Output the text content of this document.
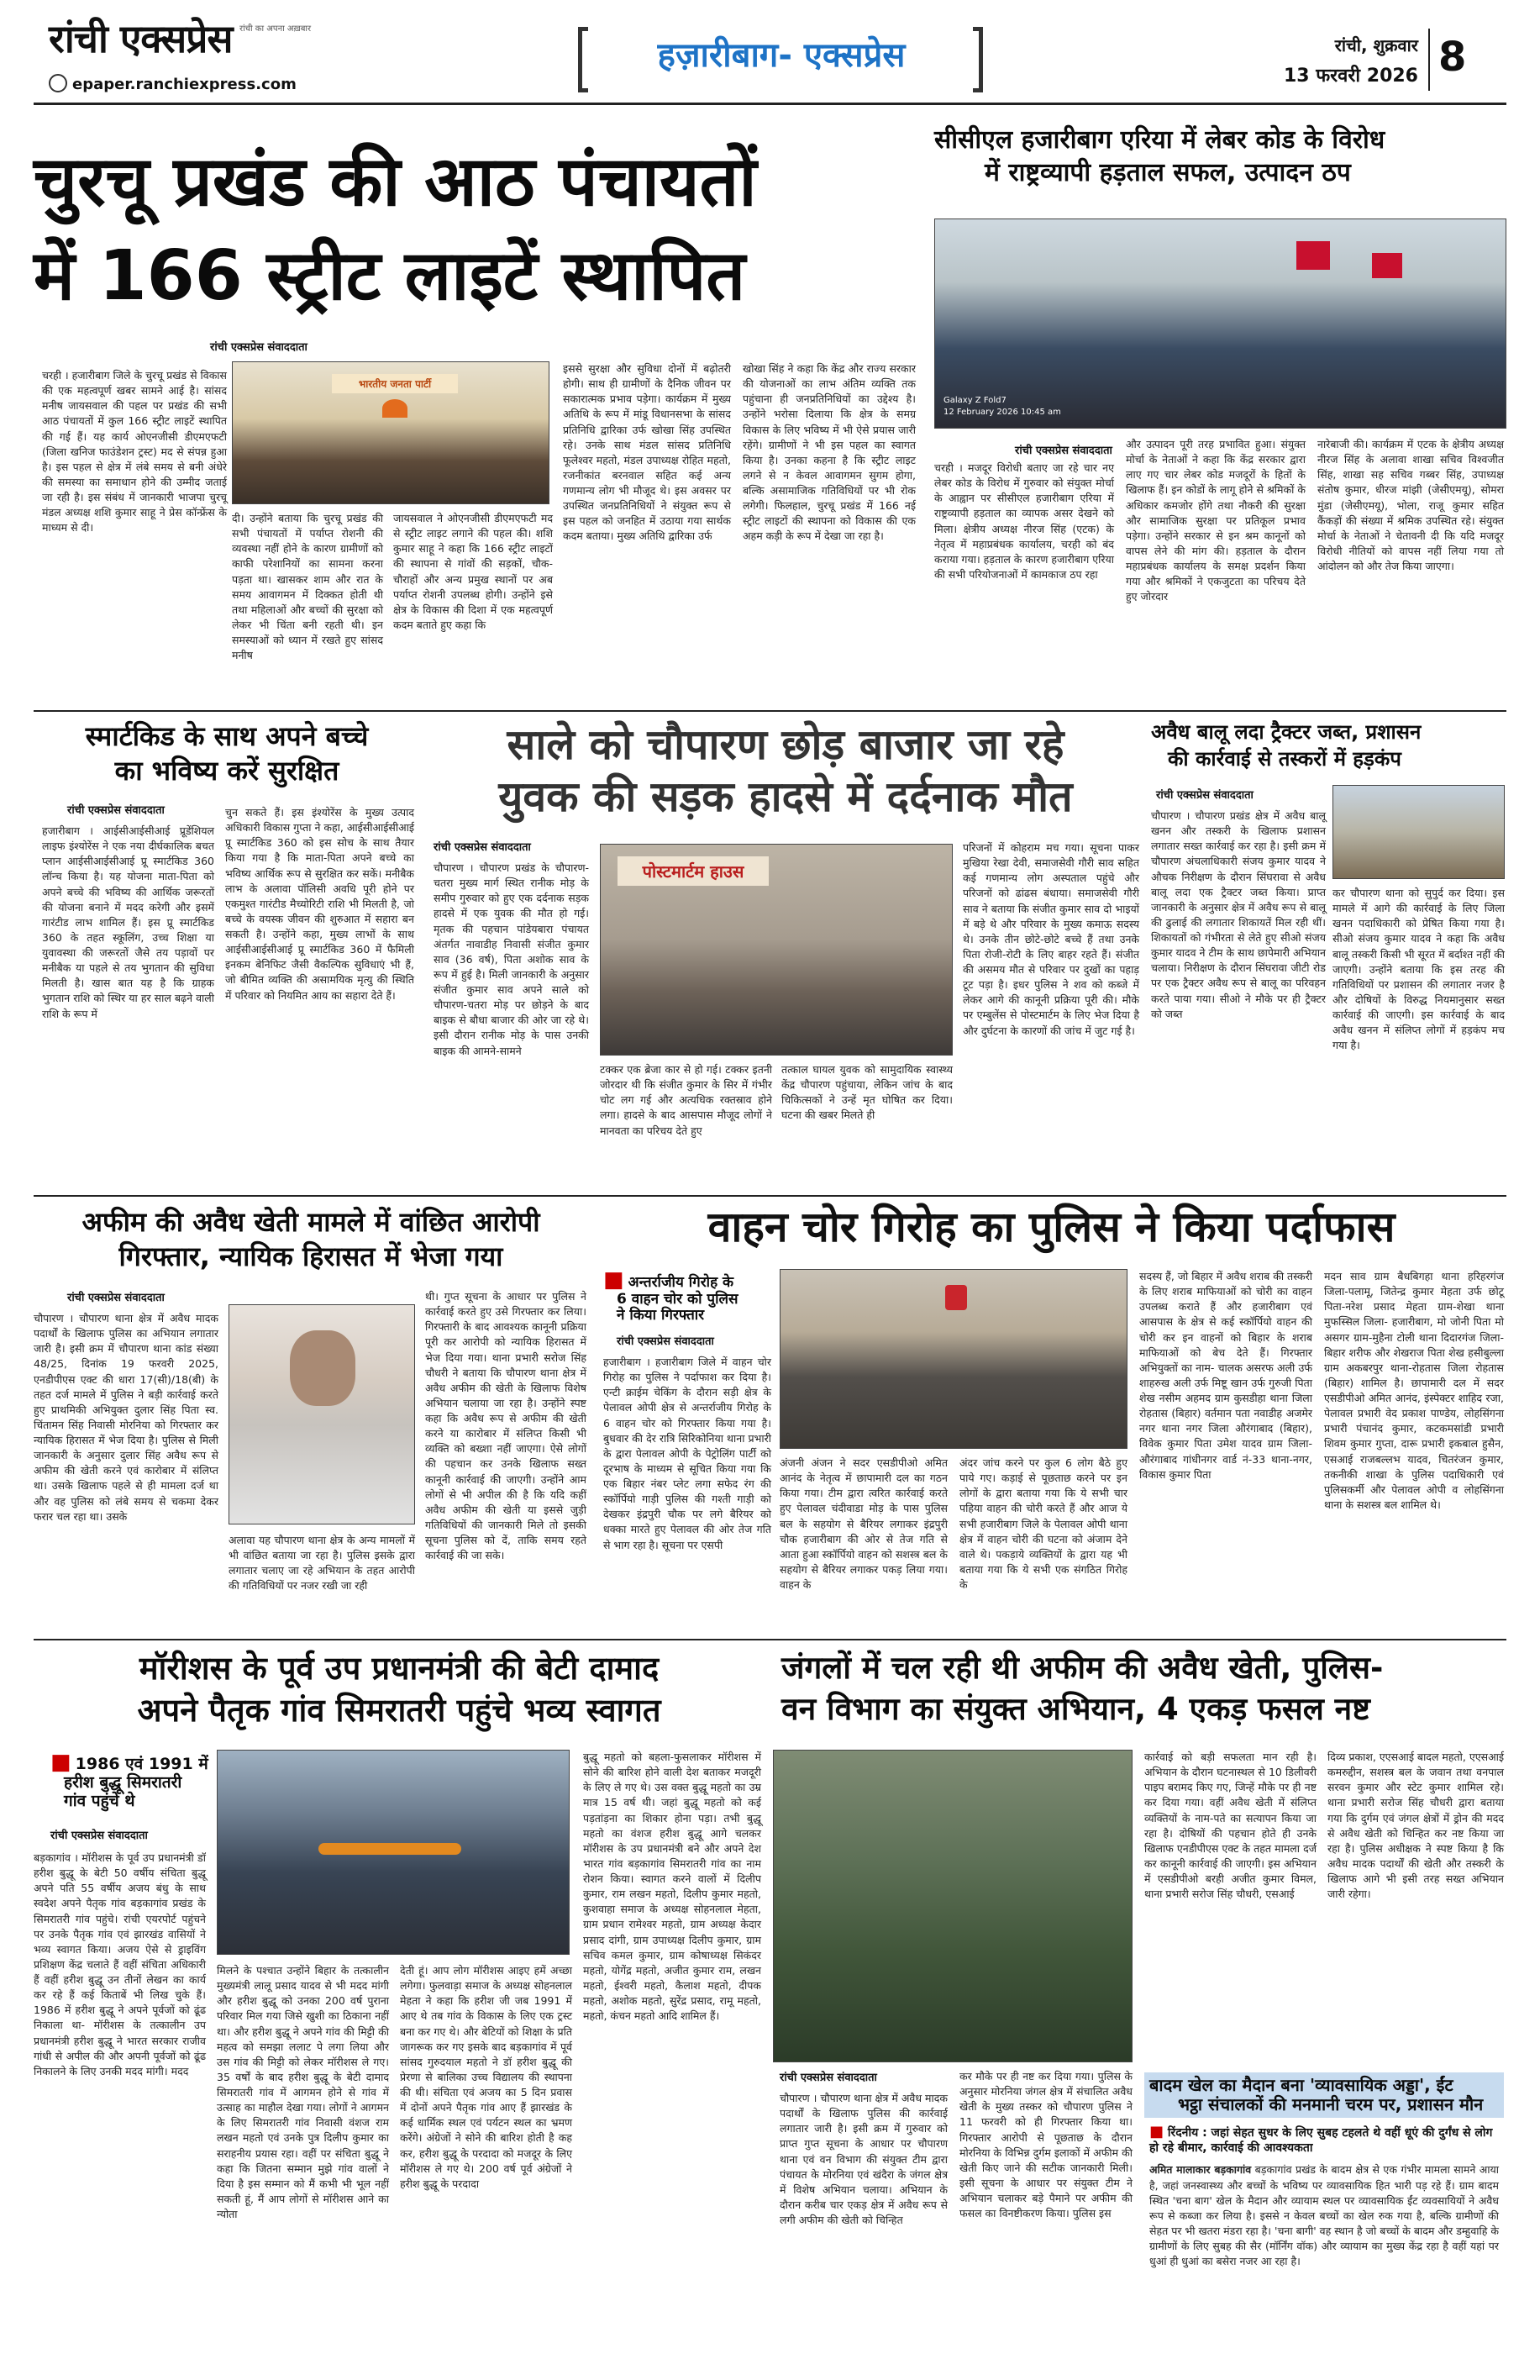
रांची एक्सप्रेस रांची का अपना अख़बार
epaper.ranchiexpress.com
हज़ारीबाग- एक्सप्रेस	रांची, शुक्रवार
13 फरवरी 2026 8
चुरचू प्रखंड की आठ पंचायतों
में 166 स्ट्रीट लाइटें स्थापित
रांची एक्सप्रेस संवाददाता
चरही । हजारीबाग जिले के चुरचू प्रखंड से विकास की एक महत्वपूर्ण खबर सामने आई है। सांसद मनीष जायसवाल की पहल पर प्रखंड की सभी आठ पंचायतों में कुल 166 स्ट्रीट लाइटें स्थापित की गई हैं। यह कार्य ओएनजीसी डीएमएफटी (जिला खनिज फाउंडेशन ट्रस्ट) मद से संपन्न हुआ है। इस पहल से क्षेत्र में लंबे समय से बनी अंधेरे की समस्या का समाधान होने की उम्मीद जताई जा रही है। इस संबंध में जानकारी भाजपा चुरचू मंडल अध्यक्ष शशि कुमार साहू ने प्रेस कॉन्फ्रेंस के माध्यम से दी।
भारतीय जनता पार्टी
दी। उन्होंने बताया कि चुरचू प्रखंड की सभी पंचायतों में पर्याप्त रोशनी की व्यवस्था नहीं होने के कारण ग्रामीणों को काफी परेशानियों का सामना करना पड़ता था। खासकर शाम और रात के समय आवागमन में दिक्कत होती थी तथा महिलाओं और बच्चों की सुरक्षा को लेकर भी चिंता बनी रहती थी। इन समस्याओं को ध्यान में रखते हुए सांसद मनीष
जायसवाल ने ओएनजीसी डीएमएफटी मद से स्ट्रीट लाइट लगाने की पहल की। शशि कुमार साहू ने कहा कि 166 स्ट्रीट लाइटों की स्थापना से गांवों की सड़कों, चौक-चौराहों और अन्य प्रमुख स्थानों पर अब पर्याप्त रोशनी उपलब्ध होगी। उन्होंने इसे क्षेत्र के विकास की दिशा में एक महत्वपूर्ण कदम बताते हुए कहा कि
इससे सुरक्षा और सुविधा दोनों में बढ़ोतरी होगी। साथ ही ग्रामीणों के दैनिक जीवन पर सकारात्मक प्रभाव पड़ेगा। कार्यक्रम में मुख्य अतिथि के रूप में मांडू विधानसभा के सांसद प्रतिनिधि द्वारिका उर्फ खोखा सिंह उपस्थित रहे। उनके साथ मंडल सांसद प्रतिनिधि फूलेश्वर महतो, मंडल उपाध्यक्ष रोहित महतो, रजनीकांत बरनवाल सहित कई अन्य गणमान्य लोग भी मौजूद थे। इस अवसर पर उपस्थित जनप्रतिनिधियों ने संयुक्त रूप से इस पहल को जनहित में उठाया गया सार्थक कदम बताया। मुख्य अतिथि द्वारिका उर्फ
खोखा सिंह ने कहा कि केंद्र और राज्य सरकार की योजनाओं का लाभ अंतिम व्यक्ति तक पहुंचाना ही जनप्रतिनिधियों का उद्देश्य है। उन्होंने भरोसा दिलाया कि क्षेत्र के समग्र विकास के लिए भविष्य में भी ऐसे प्रयास जारी रहेंगे। ग्रामीणों ने भी इस पहल का स्वागत किया है। उनका कहना है कि स्ट्रीट लाइट लगने से न केवल आवागमन सुगम होगा, बल्कि असामाजिक गतिविधियों पर भी रोक लगेगी। फिलहाल, चुरचू प्रखंड में 166 नई स्ट्रीट लाइटों की स्थापना को विकास की एक अहम कड़ी के रूप में देखा जा रहा है।
सीसीएल हजारीबाग एरिया में लेबर कोड के विरोध
में राष्ट्रव्यापी हड़ताल सफल, उत्पादन ठप
Galaxy Z Fold7
12 February 2026 10:45 am
रांची एक्सप्रेस संवाददाता
चरही । मजदूर विरोधी बताए जा रहे चार नए लेबर कोड के विरोध में गुरुवार को संयुक्त मोर्चा के आह्वान पर सीसीएल हजारीबाग एरिया में राष्ट्रव्यापी हड़ताल का व्यापक असर देखने को मिला। क्षेत्रीय अध्यक्ष नीरज सिंह (एटक) के नेतृत्व में महाप्रबंधक कार्यालय, चरही को बंद कराया गया। हड़ताल के कारण हजारीबाग एरिया की सभी परियोजनाओं में कामकाज ठप रहा
और उत्पादन पूरी तरह प्रभावित हुआ। संयुक्त मोर्चा के नेताओं ने कहा कि केंद्र सरकार द्वारा लाए गए चार लेबर कोड मजदूरों के हितों के खिलाफ हैं। इन कोडों के लागू होने से श्रमिकों के अधिकार कमजोर होंगे तथा नौकरी की सुरक्षा और सामाजिक सुरक्षा पर प्रतिकूल प्रभाव पड़ेगा। उन्होंने सरकार से इन श्रम कानूनों को वापस लेने की मांग की। हड़ताल के दौरान महाप्रबंधक कार्यालय के समक्ष प्रदर्शन किया गया और श्रमिकों ने एकजुटता का परिचय देते हुए जोरदार
नारेबाजी की। कार्यक्रम में एटक के क्षेत्रीय अध्यक्ष नीरज सिंह के अलावा शाखा सचिव विश्वजीत सिंह, शाखा सह सचिव गब्बर सिंह, उपाध्यक्ष संतोष कुमार, धीरज मांझी (जेसीएमयू), सोमरा मुंडा (जेसीएमयू), भोला, राजू कुमार सहित कैंकड़ों की संख्या में श्रमिक उपस्थित रहे। संयुक्त मोर्चा के नेताओं ने चेतावनी दी कि यदि मजदूर विरोधी नीतियों को वापस नहीं लिया गया तो आंदोलन को और तेज किया जाएगा।
स्मार्टकिड के साथ अपने बच्चे
का भविष्य करें सुरक्षित
रांची एक्सप्रेस संवाददाता
हजारीबाग । आईसीआईसीआई प्रूडेंशियल लाइफ इंश्योरेंस ने एक नया दीर्घकालिक बचत प्लान आईसीआईसीआई प्रू स्मार्टकिड 360 लॉन्च किया है। यह योजना माता-पिता को अपने बच्चे की भविष्य की आर्थिक जरूरतों की योजना बनाने में मदद करेगी और इसमें गारंटीड लाभ शामिल हैं। इस प्रू स्मार्टकिड 360 के तहत स्कूलिंग, उच्च शिक्षा या युवावस्था की जरूरतों जैसे तय पड़ावों पर मनीबैक या पहले से तय भुगतान की सुविधा मिलती है। खास बात यह है कि ग्राहक भुगतान राशि को स्थिर या हर साल बढ़ने वाली राशि के रूप में
चुन सकते हैं। इस इंश्योरेंस के मुख्य उत्पाद अधिकारी विकास गुप्ता ने कहा, आईसीआईसीआई प्रू स्मार्टकिड 360 को इस सोच के साथ तैयार किया गया है कि माता-पिता अपने बच्चे का भविष्य आर्थिक रूप से सुरक्षित कर सकें। मनीबैक लाभ के अलावा पॉलिसी अवधि पूरी होने पर एकमुश्त गारंटीड मैच्योरिटी राशि भी मिलती है, जो बच्चे के वयस्क जीवन की शुरुआत में सहारा बन सकती है। उन्होंने कहा, मुख्य लाभों के साथ आईसीआईसीआई प्रू स्मार्टकिड 360 में फैमिली इनकम बेनिफिट जैसी वैकल्पिक सुविधाएं भी हैं, जो बीमित व्यक्ति की असामयिक मृत्यु की स्थिति में परिवार को नियमित आय का सहारा देते हैं।
साले को चौपारण छोड़ बाजार जा रहे
युवक की सड़क हादसे में दर्दनाक मौत
रांची एक्सप्रेस संवाददाता
चौपारण । चौपारण प्रखंड के चौपारण-चतरा मुख्य मार्ग स्थित रानीक मोड़ के समीप गुरुवार को हुए एक दर्दनाक सड़क हादसे में एक युवक की मौत हो गई। मृतक की पहचान पांडेयबारा पंचायत अंतर्गत नावाडीह निवासी संजीत कुमार साव (36 वर्ष), पिता अशोक साव के रूप में हुई है। मिली जानकारी के अनुसार संजीत कुमार साव अपने साले को चौपारण-चतरा मोड़ पर छोड़ने के बाद बाइक से बौधा बाजार की ओर जा रहे थे। इसी दौरान रानीक मोड़ के पास उनकी बाइक की आमने-सामने
पोस्टमार्टम हाउस
टक्कर एक ब्रेजा कार से हो गई। टक्कर इतनी जोरदार थी कि संजीत कुमार के सिर में गंभीर चोट लग गई और अत्यधिक रक्तस्राव होने लगा। हादसे के बाद आसपास मौजूद लोगों ने मानवता का परिचय देते हुए
तत्काल घायल युवक को सामुदायिक स्वास्थ्य केंद्र चौपारण पहुंचाया, लेकिन जांच के बाद चिकित्सकों ने उन्हें मृत घोषित कर दिया। घटना की खबर मिलते ही
परिजनों में कोहराम मच गया। सूचना पाकर मुखिया रेखा देवी, समाजसेवी गौरी साव सहित कई गणमान्य लोग अस्पताल पहुंचे और परिजनों को ढांढस बंधाया। समाजसेवी गौरी साव ने बताया कि संजीत कुमार साव दो भाइयों में बड़े थे और परिवार के मुख्य कमाऊ सदस्य थे। उनके तीन छोटे-छोटे बच्चे हैं तथा उनके पिता रोजी-रोटी के लिए बाहर रहते हैं। संजीत की असमय मौत से परिवार पर दुखों का पहाड़ टूट पड़ा है। इधर पुलिस ने शव को कब्जे में लेकर आगे की कानूनी प्रक्रिया पूरी की। मौके पर एम्बुलेंस से पोस्टमार्टम के लिए भेज दिया है और दुर्घटना के कारणों की जांच में जुट गई है।
अवैध बालू लदा ट्रैक्टर जब्त, प्रशासन
की कार्रवाई से तस्करों में हड़कंप
रांची एक्सप्रेस संवाददाता
चौपारण । चौपारण प्रखंड क्षेत्र में अवैध बालू खनन और तस्करी के खिलाफ प्रशासन लगातार सख्त कार्रवाई कर रहा है। इसी क्रम में चौपारण अंचलाधिकारी संजय कुमार यादव ने औचक निरीक्षण के दौरान सिंघरावा से अवैध बालू लदा एक ट्रैक्टर जब्त किया। प्राप्त जानकारी के अनुसार क्षेत्र में अवैध रूप से बालू की ढुलाई की लगातार शिकायतें मिल रही थीं। शिकायतों को गंभीरता से लेते हुए सीओ संजय कुमार यादव ने टीम के साथ छापेमारी अभियान चलाया। निरीक्षण के दौरान सिंघरावा जीटी रोड पर एक ट्रैक्टर अवैध रूप से बालू का परिवहन करते पाया गया। सीओ ने मौके पर ही ट्रैक्टर को जब्त
कर चौपारण थाना को सुपुर्द कर दिया। इस मामले में आगे की कार्रवाई के लिए जिला खनन पदाधिकारी को प्रेषित किया गया है। सीओ संजय कुमार यादव ने कहा कि अवैध बालू तस्करी किसी भी सूरत में बर्दाश्त नहीं की जाएगी। उन्होंने बताया कि इस तरह की गतिविधियों पर प्रशासन की लगातार नजर है और दोषियों के विरुद्ध नियमानुसार सख्त कार्रवाई की जाएगी। इस कार्रवाई के बाद अवैध खनन में संलिप्त लोगों में हड़कंप मच गया है।
अफीम की अवैध खेती मामले में वांछित आरोपी
गिरफ्तार, न्यायिक हिरासत में भेजा गया
रांची एक्सप्रेस संवाददाता
चौपारण । चौपारण थाना क्षेत्र में अवैध मादक पदार्थों के खिलाफ पुलिस का अभियान लगातार जारी है। इसी क्रम में चौपारण थाना कांड संख्या 48/25, दिनांक 19 फरवरी 2025, एनडीपीएस एक्ट की धारा 17(सी)/18(बी) के तहत दर्ज मामले में पुलिस ने बड़ी कार्रवाई करते हुए प्राथमिकी अभियुक्त दुलार सिंह पिता स्व. चिंतामन सिंह निवासी मोरनिया को गिरफ्तार कर न्यायिक हिरासत में भेज दिया है। पुलिस से मिली जानकारी के अनुसार दुलार सिंह अवैध रूप से अफीम की खेती करने एवं कारोबार में संलिप्त था। उसके खिलाफ पहले से ही मामला दर्ज था और वह पुलिस को लंबे समय से चकमा देकर फरार चल रहा था। उसके
अलावा यह चौपारण थाना क्षेत्र के अन्य मामलों में भी वांछित बताया जा रहा है। पुलिस इसके द्वारा लगातार चलाए जा रहे अभियान के तहत आरोपी की गतिविधियों पर नजर रखी जा रही
थी। गुप्त सूचना के आधार पर पुलिस ने कार्रवाई करते हुए उसे गिरफ्तार कर लिया। गिरफ्तारी के बाद आवश्यक कानूनी प्रक्रिया पूरी कर आरोपी को न्यायिक हिरासत में भेज दिया गया। थाना प्रभारी सरोज सिंह चौधरी ने बताया कि चौपारण थाना क्षेत्र में अवैध अफीम की खेती के खिलाफ विशेष अभियान चलाया जा रहा है। उन्होंने स्पष्ट कहा कि अवैध रूप से अफीम की खेती करने या कारोबार में संलिप्त किसी भी व्यक्ति को बख्शा नहीं जाएगा। ऐसे लोगों की पहचान कर उनके खिलाफ सख्त कानूनी कार्रवाई की जाएगी। उन्होंने आम लोगों से भी अपील की है कि यदि कहीं अवैध अफीम की खेती या इससे जुड़ी गतिविधियों की जानकारी मिले तो इसकी सूचना पुलिस को दें, ताकि समय रहते कार्रवाई की जा सके।
वाहन चोर गिरोह का पुलिस ने किया पर्दाफास
■ अन्तर्राजीय गिरोह के
6 वाहन चोर को पुलिस
ने किया गिरफ्तार
रांची एक्सप्रेस संवाददाता
हजारीबाग । हजारीबाग जिले में वाहन चोर गिरोह का पुलिस ने पर्दाफाश कर दिया है। एन्टी क्राईम चेकिंग के दौरान सड़ी क्षेत्र के पेलावल ओपी क्षेत्र से अन्तर्राजीय गिरोह के 6 वाहन चोर को गिरफ्तार किया गया है। बुधवार की देर रात्रि सिरिकोनिया थाना प्रभारी के द्वारा पेलावल ओपी के पेट्रोलिंग पार्टी को दूरभाष के माध्यम से सूचित किया गया कि एक बिहार नंबर प्लेट लगा सफेद रंग की स्कॉर्पियो गाड़ी पुलिस की गश्ती गाड़ी को देखकर इंद्रपुरी चौक पर लगे बैरियर को धक्का मारते हुए पेलावल की ओर तेज गति से भाग रहा है। सूचना पर एसपी
अंजनी अंजन ने सदर एसडीपीओ अमित आनंद के नेतृत्व में छापामारी दल का गठन किया गया। टीम द्वारा त्वरित कार्रवाई करते हुए पेलावल चंदीवाडा मोड़ के पास पुलिस बल के सहयोग से बैरियर लगाकर इंद्रपुरी चौक हजारीबाग की ओर से तेज गति से आता हुआ स्कॉर्पियो वाहन को सशस्त्र बल के सहयोग से बैरियर लगाकर पकड़ लिया गया। वाहन के
अंदर जांच करने पर कुल 6 लोग बैठे हुए पाये गए। कड़ाई से पूछताछ करने पर इन लोगों के द्वारा बताया गया कि ये सभी चार पहिया वाहन की चोरी करते हैं और आज ये सभी हजारीबाग जिले के पेलावल ओपी थाना क्षेत्र में वाहन चोरी की घटना को अंजाम देने वाले थे। पकड़ाये व्यक्तियों के द्वारा यह भी बताया गया कि ये सभी एक संगठित गिरोह के
सदस्य हैं, जो बिहार में अवैध शराब की तस्करी के लिए शराब माफियाओं को चोरी का वाहन उपलब्ध कराते हैं और हजारीबाग एवं आसपास के क्षेत्र से कई स्कॉर्पियो वाहन की चोरी कर इन वाहनों को बिहार के शराब माफियाओं को बेच देते हैं। गिरफ्तार अभियुक्तों का नाम- चालक असरफ अली उर्फ शाहरुख अली उर्फ मिष्टू खान उर्फ गुरुजी पिता शेख नसीम अहमद ग्राम कुसडीहा थाना जिला रोहतास (बिहार) वर्तमान पता नवाडीह अजमेर नगर थाना नगर जिला औरंगाबाद (बिहार), विवेक कुमार पिता उमेश यादव ग्राम जिला-औरंगाबाद गांधीनगर वार्ड नं-33 थाना-नगर, विकास कुमार पिता
मदन साव ग्राम बैधबिगहा थाना हरिहरगंज जिला-पलामू, जितेन्द्र कुमार मेहता उर्फ छोटू पिता-नरेश प्रसाद मेहता ग्राम-शेखा थाना मुफस्सिल जिला- हजारीबाग, मो जोनी पिता मो असगर ग्राम-मुहैना टोली थाना दिदारगंज जिला-बिहार शरीफ और शेखराज पिता शेख हसीबुल्ला ग्राम अकबरपुर थाना-रोहतास जिला रोहतास (बिहार) शामिल है। छापामारी दल में सदर एसडीपीओ अमित आनंद, इंस्पेक्टर शाहिद रजा, पेलावल प्रभारी वेद प्रकाश पाण्डेय, लोहसिंगना प्रभारी पंचानंद कुमार, कटकमसांडी प्रभारी शिवम कुमार गुप्ता, दारू प्रभारी इकबाल हुसैन, एसआई राजबल्लभ यादव, चितरंजन कुमार, तकनीकी शाखा के पुलिस पदाधिकारी एवं पुलिसकर्मी और पेलावल ओपी व लोहसिंगना थाना के सशस्त्र बल शामिल थे।
मॉरीशस के पूर्व उप प्रधानमंत्री की बेटी दामाद
अपने पैतृक गांव सिमरातरी पहुंचे भव्य स्वागत
■ 1986 एवं 1991 में
हरीश बुद्धू सिमरातरी
गांव पहुंचे थे
रांची एक्सप्रेस संवाददाता
बड़कागांव । मॉरीशस के पूर्व उप प्रधानमंत्री डॉ हरीश बुद्धू के बेटी 50 वर्षीय संचिता बुद्धू अपने पति 55 वर्षीय अजय बंधु के साथ स्वदेश अपने पैतृक गांव बड़कागांव प्रखंड के सिमरातरी गांव पहुंचे। रांची एयरपोर्ट पहुंचने पर उनके पैतृक गांव एवं झारखंड वासियों ने भव्य स्वागत किया। अजय ऐसे से ड्राइविंग प्रशिक्षण केंद्र चलाते हैं वहीं संचिता अधिकारी हैं वहीं हरीश बुद्धू उन तीनों लेखन का कार्य कर रहे हैं कई किताबें भी लिख चुके हैं। 1986 में हरीश बुद्धू ने अपने पूर्वजों को ढूंढ निकाला था- मॉरीशस के तत्कालीन उप प्रधानमंत्री हरीश बुद्धू ने भारत सरकार राजीव गांधी से अपील की और अपनी पूर्वजों को ढूंढ निकालने के लिए उनकी मदद मांगी। मदद
मिलने के पश्चात उन्होंने बिहार के तत्कालीन मुख्यमंत्री लालू प्रसाद यादव से भी मदद मांगी और हरीश बुद्धू को उनका 200 वर्ष पुराना परिवार मिल गया जिसे खुशी का ठिकाना नहीं था। और हरीश बुद्धू ने अपने गांव की मिट्टी की महत्व को समझा ललाट पे लगा लिया और उस गांव की मिट्टी को लेकर मॉरीशस ले गए। 35 वर्षों के बाद हरीश बुद्धू के बेटी दामाद सिमरातरी गांव में आगमन होने से गांव में उत्साह का माहौल देखा गया। लोगों ने आगमन के लिए सिमरातरी गांव निवासी वंशज राम लखन महतो एवं उनके पुत्र दिलीप कुमार का सराहनीय प्रयास रहा। वहीं पर संचिता बुद्धू ने कहा कि जितना सम्मान मुझे गांव वालों ने दिया है इस सम्मान को मैं कभी भी भूल नहीं सकती हूं, मैं आप लोगों से मॉरीशस आने का न्योता
देती हूं। आप लोग मॉरीशस आइए हमें अच्छा लगेगा। फुलवाड़ा समाज के अध्यक्ष सोहनलाल मेहता ने कहा कि हरीश जी जब 1991 में आए थे तब गांव के विकास के लिए एक ट्रस्ट बना कर गए थे। और बेटियों को शिक्षा के प्रति जागरूक कर गए इसके बाद बड़कागांव में पूर्व सांसद गुरुदयाल महतो ने डॉ हरीश बुद्धू की प्रेरणा से बालिका उच्च विद्यालय की स्थापना की थी। संचिता एवं अजय का 5 दिन प्रवास में दोनों अपने पैतृक गांव आए हैं झारखंड के कई धार्मिक स्थल एवं पर्यटन स्थल का भ्रमण करेंगे। अंग्रेजों ने सोने की बारिश होती है कह कर, हरीश बुद्धू के परदादा को मजदूर के लिए मॉरीशस ले गए थे। 200 वर्ष पूर्व अंग्रेजों ने हरीश बुद्धू के परदादा
बुद्धू महतो को बहला-फुसलाकर मॉरीशस में सोने की बारिश होने वाली देश बताकर मजदूरी के लिए ले गए थे। उस वक्त बुद्धू महतो का उम्र मात्र 15 वर्ष थी। जहां बुद्धू महतो को कई पड़तांड़ना का शिकार होना पड़ा। तभी बुद्धू महतो का वंशज हरीश बुद्धू आगे चलकर मॉरीशस के उप प्रधानमंत्री बने और अपने देश भारत गांव बड़कागांव सिमरातरी गांव का नाम रोशन किया। स्वागत करने वालों में दिलीप कुमार, राम लखन महतो, दिलीप कुमार महतो, कुशवाहा समाज के अध्यक्ष सोहनलाल मेहता, ग्राम प्रधान रामेश्वर महतो, ग्राम अध्यक्ष केदार प्रसाद दांगी, ग्राम उपाध्यक्ष दिलीप कुमार, ग्राम सचिव कमल कुमार, ग्राम कोषाध्यक्ष सिकंदर महतो, योगेंद्र महतो, अजीत कुमार राम, लखन महतो, ईश्वरी महतो, कैलाश महतो, दीपक महतो, अशोक महतो, सुरेंद्र प्रसाद, रामू महतो, महतो, कंचन महतो आदि शामिल हैं।
जंगलों में चल रही थी अफीम की अवैध खेती, पुलिस-
वन विभाग का संयुक्त अभियान, 4 एकड़ फसल नष्ट
रांची एक्सप्रेस संवाददाता
चौपारण । चौपारण थाना क्षेत्र में अवैध मादक पदार्थों के खिलाफ पुलिस की कार्रवाई लगातार जारी है। इसी क्रम में गुरुवार को प्राप्त गुप्त सूचना के आधार पर चौपारण थाना एवं वन विभाग की संयुक्त टीम द्वारा पंचायत के मोरनिया एवं खंदैरा के जंगल क्षेत्र में विशेष अभियान चलाया। अभियान के दौरान करीब चार एकड़ क्षेत्र में अवैध रूप से लगी अफीम की खेती को चिन्हित
कर मौके पर ही नष्ट कर दिया गया। पुलिस के अनुसार मोरनिया जंगल क्षेत्र में संचालित अवैध खेती के मुख्य तस्कर को चौपारण पुलिस ने 11 फरवरी को ही गिरफ्तार किया था। गिरफ्तार आरोपी से पूछताछ के दौरान मोरनिया के विभिन्न दुर्गम इलाकों में अफीम की खेती किए जाने की सटीक जानकारी मिली। इसी सूचना के आधार पर संयुक्त टीम ने अभियान चलाकर बड़े पैमाने पर अफीम की फसल का विनष्टीकरण किया। पुलिस इस
कार्रवाई को बड़ी सफलता मान रही है। अभियान के दौरान घटनास्थल से 10 डिलीवरी पाइप बरामद किए गए, जिन्हें मौके पर ही नष्ट कर दिया गया। वहीं अवैध खेती में संलिप्त व्यक्तियों के नाम-पते का सत्यापन किया जा रहा है। दोषियों की पहचान होते ही उनके खिलाफ एनडीपीएस एक्ट के तहत मामला दर्ज कर कानूनी कार्रवाई की जाएगी। इस अभियान में एसडीपीओ बरही अजीत कुमार विमल, थाना प्रभारी सरोज सिंह चौधरी, एसआई
दिव्य प्रकाश, एएसआई बादल महतो, एएसआई कमरुद्दीन, सशस्त्र बल के जवान तथा वनपाल सरवन कुमार और स्टेट कुमार शामिल रहे। थाना प्रभारी सरोज सिंह चौधरी द्वारा बताया गया कि दुर्गम एवं जंगल क्षेत्रों में ड्रोन की मदद से अवैध खेती को चिन्हित कर नष्ट किया जा रहा है। पुलिस अधीक्षक ने स्पष्ट किया है कि अवैध मादक पदार्थों की खेती और तस्करी के खिलाफ आगे भी इसी तरह सख्त अभियान जारी रहेगा।
बादम खेल का मैदान बना 'व्यावसायिक अड्डा', ईंट
भट्ठा संचालकों की मनमानी चरम पर, प्रशासन मौन
■ रिंदनीय : जहां सेहत सुधर के लिए सुबह टहलते थे वहीं धूएं की दुर्गंध से लोग हो रहे बीमार, कार्रवाई की आवश्यकता
अमित मालाकार बड़कागांव बड़कागांव प्रखंड के बादम क्षेत्र से एक गंभीर मामला सामने आया है, जहां जनस्वास्थ्य और बच्चों के भविष्य पर व्यावसायिक हित भारी पड़ रहे हैं। ग्राम बादम स्थित 'चना बाग' खेल के मैदान और व्यायाम स्थल पर व्यावसायिक ईंट व्यवसायियों ने अवैध रूप से कब्जा कर लिया है। इससे न केवल बच्चों का खेल रुक गया है, बल्कि ग्रामीणों की सेहत पर भी खतरा मंडरा रहा है। 'चना बागी' वह स्थान है जो बच्चों के बादम और डम्हुवाहि के ग्रामीणों के लिए सुबह की सैर (मॉर्निंग वॉक) और व्यायाम का मुख्य केंद्र रहा है वहीं यहां पर धुआं ही धुआं का बसेरा नजर आ रहा है।
